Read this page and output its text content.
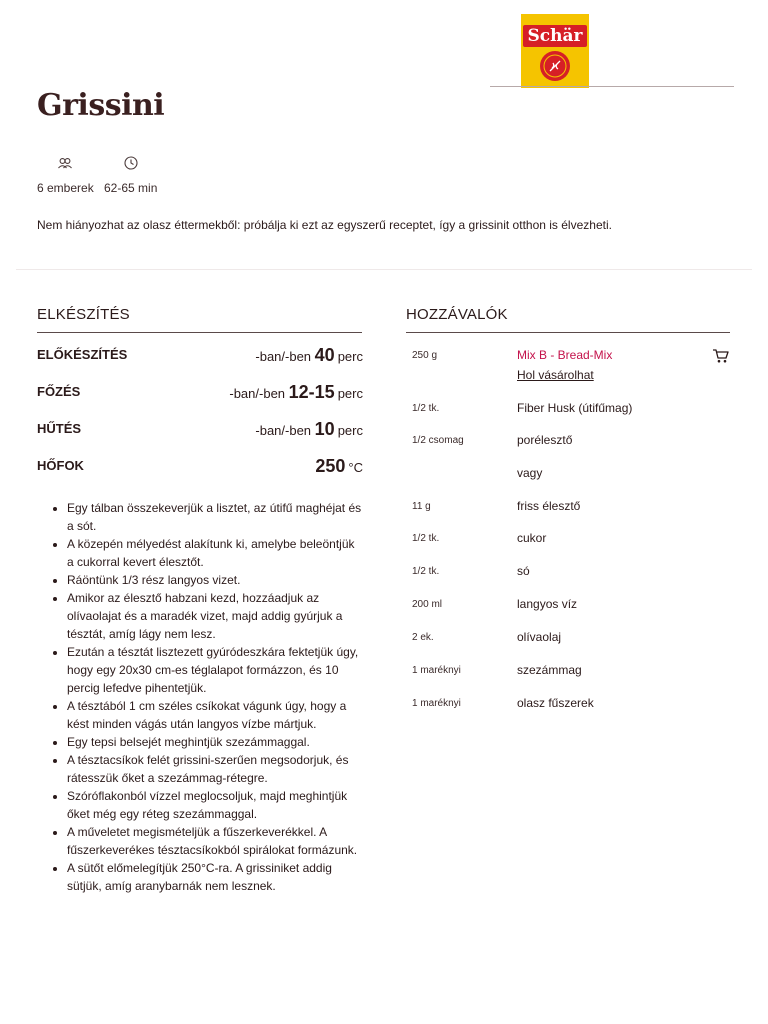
Schär
Grissini
6 emberek 62-65 min

Nem hiányozhat az olasz éttermekből: próbálja ki ezt az egyszerű receptet, így a grissinit otthon is élvezheti.

ELKÉSZÍTÉS
ELŐKÉSZÍTÉS	-ban/-ben 40 perc
FŐZÉS	-ban/-ben 12-15 perc
HŰTÉS	-ban/-ben 10 perc
HŐFOK	250 °C
• Egy tálban összekeverjük a lisztet, az útifű maghéjat és a sót.
• A közepén mélyedést alakítunk ki, amelybe beleöntjük a cukorral kevert élesztőt.
• Ráöntünk 1/3 rész langyos vizet.
• Amikor az élesztő habzani kezd, hozzáadjuk az olívaolajat és a maradék vizet, majd addig gyúrjuk a tésztát, amíg lágy nem lesz.
• Ezután a tésztát lisztezett gyúródeszkára fektetjük úgy, hogy egy 20x30 cm-es téglalapot formázzon, és 10 percig lefedve pihentetjük.
• A tésztából 1 cm széles csíkokat vágunk úgy, hogy a kést minden vágás után langyos vízbe mártjuk.
• Egy tepsi belsejét meghintjük szezámmaggal.
• A tésztacsíkok felét grissini-szerűen megsodorjuk, és rátesszük őket a szezámmag-rétegre.
• Szóróflakonból vízzel meglocsoljuk, majd meghintjük őket még egy réteg szezámmaggal.
• A műveletet megismételjük a fűszerkeverékkel. A fűszerkeverékes tésztacsíkokból spirálokat formázunk.
• A sütőt előmelegítjük 250°C-ra. A grissiniket addig sütjük, amíg aranybarnák nem lesznek.
HOZZÁVALÓK
250 g	Mix B - Bread-Mix
Hol vásárolhat
1/2 tk.	Fiber Husk (útifűmag)
1/2 csomag	porélesztő
vagy
11 g	friss élesztő
1/2 tk.	cukor
1/2 tk.	só
200 ml	langyos víz
2 ek.	olívaolaj
1 maréknyi	szezámmag
1 maréknyi	olasz fűszerek
